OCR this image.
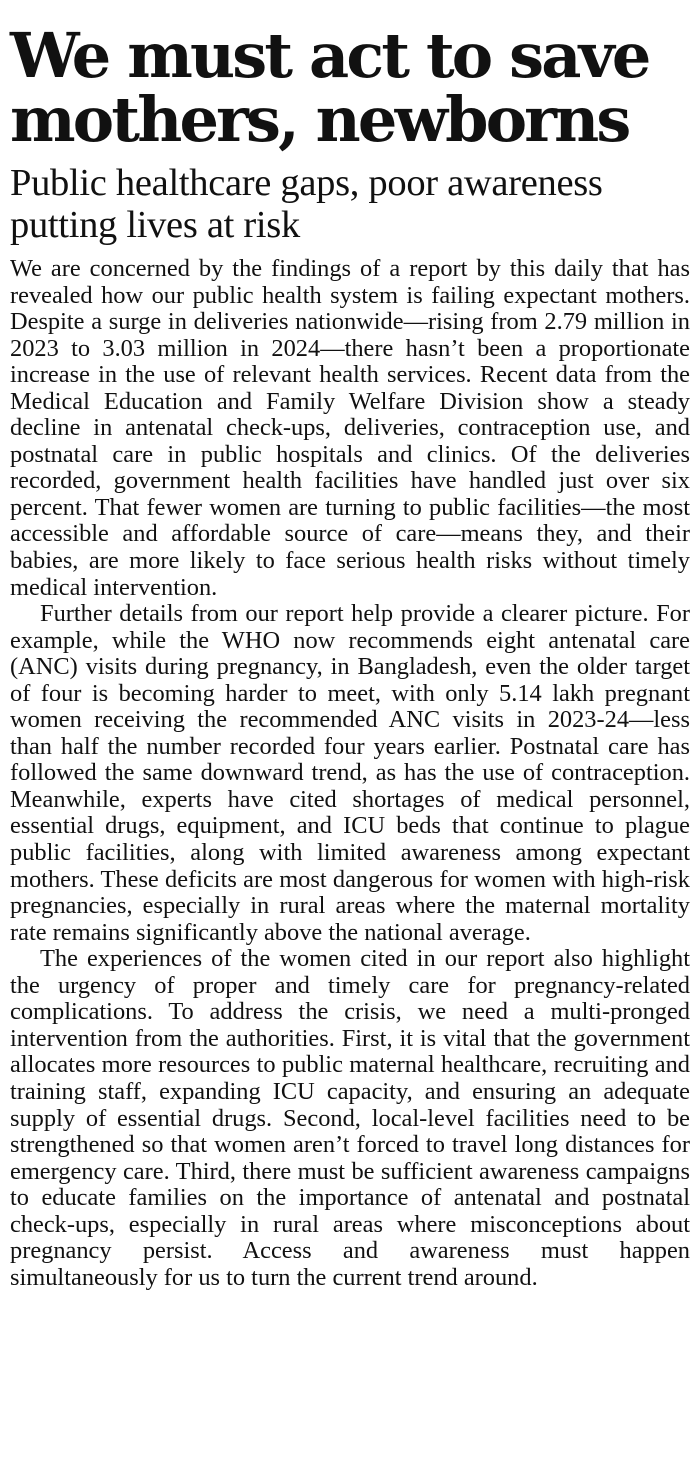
We must act to save mothers, newborns
Public healthcare gaps, poor awareness putting lives at risk

We are concerned by the findings of a report by this daily that has revealed how our public health system is failing expectant mothers. Despite a surge in deliveries nationwide—rising from 2.79 million in 2023 to 3.03 million in 2024—there hasn’t been a proportionate increase in the use of relevant health services. Recent data from the Medical Education and Family Welfare Division show a steady decline in antenatal check-ups, deliveries, contraception use, and postnatal care in public hospitals and clinics. Of the deliveries recorded, government health facilities have handled just over six percent. That fewer women are turning to public facilities—the most accessible and affordable source of care—means they, and their babies, are more likely to face serious health risks without timely medical intervention.

Further details from our report help provide a clearer picture. For example, while the WHO now recommends eight antenatal care (ANC) visits during pregnancy, in Bangladesh, even the older target of four is becoming harder to meet, with only 5.14 lakh pregnant women receiving the recommended ANC visits in 2023-24—less than half the number recorded four years earlier. Postnatal care has followed the same downward trend, as has the use of contraception. Meanwhile, experts have cited shortages of medical personnel, essential drugs, equipment, and ICU beds that continue to plague public facilities, along with limited awareness among expectant mothers. These deficits are most dangerous for women with high-risk pregnancies, especially in rural areas where the maternal mortality rate remains significantly above the national average.

The experiences of the women cited in our report also highlight the urgency of proper and timely care for pregnancy-related complications. To address the crisis, we need a multi-pronged intervention from the authorities. First, it is vital that the government allocates more resources to public maternal healthcare, recruiting and training staff, expanding ICU capacity, and ensuring an adequate supply of essential drugs. Second, local-level facilities need to be strengthened so that women aren’t forced to travel long distances for emergency care. Third, there must be sufficient awareness campaigns to educate families on the importance of antenatal and postnatal check-ups, especially in rural areas where misconceptions about pregnancy persist. Access and awareness must happen simultaneously for us to turn the current trend around.
